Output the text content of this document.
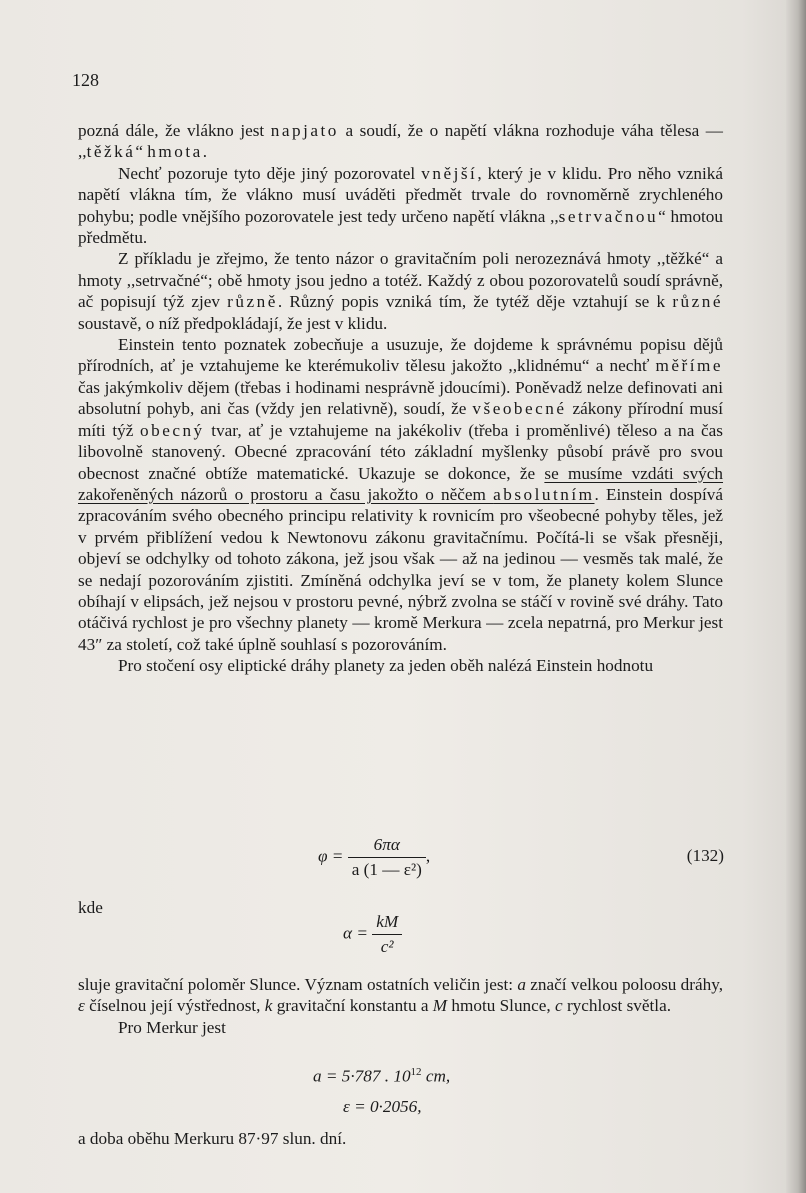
128

pozná dále, že vlákno jest napjato a soudí, že o napětí vlákna rozhoduje váha tělesa — ,,těžká“ hmota.

Nechť pozoruje tyto děje jiný pozorovatel vnější, který je v klidu. Pro něho vzniká napětí vlákna tím, že vlákno musí uváděti předmět trvale do rovnoměrně zrychleného pohybu; podle vnějšího pozorovatele jest tedy určeno napětí vlákna ,,setrvačnou“ hmotou předmětu.

Z příkladu je zřejmo, že tento názor o gravitačním poli nerozeznává hmoty ,,těžké“ a hmoty ,,setrvačné“; obě hmoty jsou jedno a totéž. Každý z obou pozorovatelů soudí správně, ač popisují týž zjev různě. Různý popis vzniká tím, že tytéž děje vztahují se k různé soustavě, o níž předpokládají, že jest v klidu.

Einstein tento poznatek zobecňuje a usuzuje, že dojdeme k správnému popisu dějů přírodních, ať je vztahujeme ke kterémukoliv tělesu jakožto ,,klidnému“ a nechť měříme čas jakýmkoliv dějem (třebas i hodinami nesprávně jdoucími). Poněvadž nelze definovati ani absolutní pohyb, ani čas (vždy jen relativně), soudí, že všeobecné zákony přírodní musí míti týž obecný tvar, ať je vztahujeme na jakékoliv (třeba i proměnlivé) těleso a na čas libovolně stanovený. Obecné zpracování této základní myšlenky působí právě pro svou obecnost značné obtíže matematické. Ukazuje se dokonce, že se musíme vzdáti svých zakořeněných názorů o prostoru a času jakožto o něčem absolutním. Einstein dospívá zpracováním svého obecného principu relativity k rovnicím pro všeobecné pohyby těles, jež v prvém přiblížení vedou k Newtonovu zákonu gravitačnímu. Počítá-li se však přesněji, objeví se odchylky od tohoto zákona, jež jsou však — až na jedinou — vesměs tak malé, že se nedají pozorováním zjistiti. Zmíněná odchylka jeví se v tom, že planety kolem Slunce obíhají v elipsách, jež nejsou v prostoru pevné, nýbrž zvolna se stáčí v rovině své dráhy. Tato otáčivá rychlost je pro všechny planety — kromě Merkura — zcela nepatrná, pro Merkur jest 43″ za století, což také úplně souhlasí s pozorováním.

Pro stočení osy eliptické dráhy planety za jeden oběh nalézá Einstein hodnotu

$\varphi = \frac{6\pi\alpha}{\text{a (1 — ε²)}}$ ,	(132)
kde
$\alpha = \frac{kM}{\text{c²}}$

sluje gravitační poloměr Slunce. Význam ostatních veličin jest: a značí velkou poloosu dráhy, ε číselnou její výstřednost, k gravitační konstantu a M hmotu Slunce, c rychlost světla.

Pro Merkur jest

a = 5·787 . $10^{12}$ cm,
ε = 0·2056,

a doba oběhu Merkuru 87·97 slun. dní.
